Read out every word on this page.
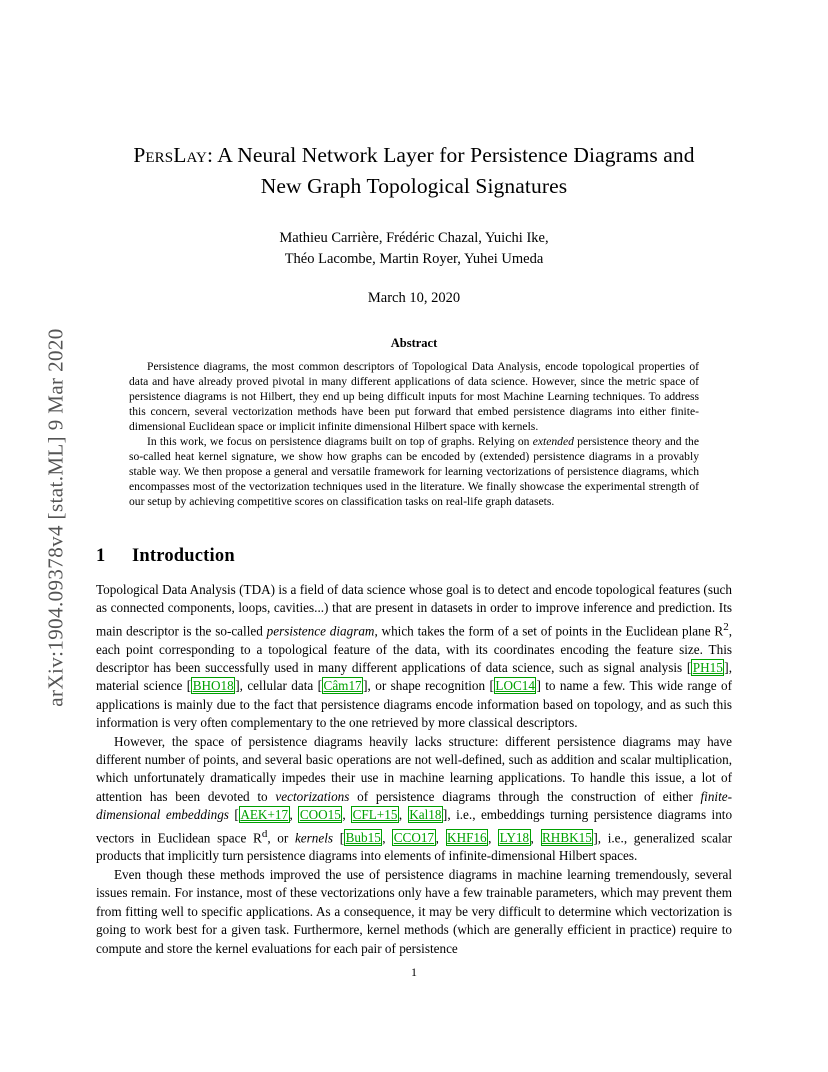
arXiv:1904.09378v4 [stat.ML] 9 Mar 2020
PersLay: A Neural Network Layer for Persistence Diagrams and
New Graph Topological Signatures
Mathieu Carrière, Frédéric Chazal, Yuichi Ike,
Théo Lacombe, Martin Royer, Yuhei Umeda
March 10, 2020
Abstract

Persistence diagrams, the most common descriptors of Topological Data Analysis, encode topological properties of data and have already proved pivotal in many different applications of data science. However, since the metric space of persistence diagrams is not Hilbert, they end up being difficult inputs for most Machine Learning techniques. To address this concern, several vectorization methods have been put forward that embed persistence diagrams into either finite-dimensional Euclidean space or implicit infinite dimensional Hilbert space with kernels.

In this work, we focus on persistence diagrams built on top of graphs. Relying on extended persistence theory and the so-called heat kernel signature, we show how graphs can be encoded by (extended) persistence diagrams in a provably stable way. We then propose a general and versatile framework for learning vectorizations of persistence diagrams, which encompasses most of the vectorization techniques used in the literature. We finally showcase the experimental strength of our setup by achieving competitive scores on classification tasks on real-life graph datasets.

1 Introduction

Topological Data Analysis (TDA) is a field of data science whose goal is to detect and encode topological features (such as connected components, loops, cavities...) that are present in datasets in order to improve inference and prediction. Its main descriptor is the so-called persistence diagram, which takes the form of a set of points in the Euclidean plane $R^2$, each point corresponding to a topological feature of the data, with its coordinates encoding the feature size. This descriptor has been successfully used in many different applications of data science, such as signal analysis [ PH15 ], material science [ BHO18 ], cellular data [ Câm17 ], or shape recognition [ LOC14 ] to name a few. This wide range of applications is mainly due to the fact that persistence diagrams encode information based on topology, and as such this information is very often complementary to the one retrieved by more classical descriptors.

However, the space of persistence diagrams heavily lacks structure: different persistence diagrams may have different number of points, and several basic operations are not well-defined, such as addition and scalar multiplication, which unfortunately dramatically impedes their use in machine learning applications. To handle this issue, a lot of attention has been devoted to vectorizations of persistence diagrams through the construction of either finite-dimensional embeddings [ AEK+17 , COO15 , CFL+15 , Kal18 ], i.e., embeddings turning persistence diagrams into vectors in Euclidean space $R^d$, or kernels [ Bub15 , CCO17 , KHF16 , LY18 , RHBK15 ], i.e., generalized scalar products that implicitly turn persistence diagrams into elements of infinite-dimensional Hilbert spaces.

Even though these methods improved the use of persistence diagrams in machine learning tremendously, several issues remain. For instance, most of these vectorizations only have a few trainable parameters, which may prevent them from fitting well to specific applications. As a consequence, it may be very difficult to determine which vectorization is going to work best for a given task. Furthermore, kernel methods (which are generally efficient in practice) require to compute and store the kernel evaluations for each pair of persistence

1
